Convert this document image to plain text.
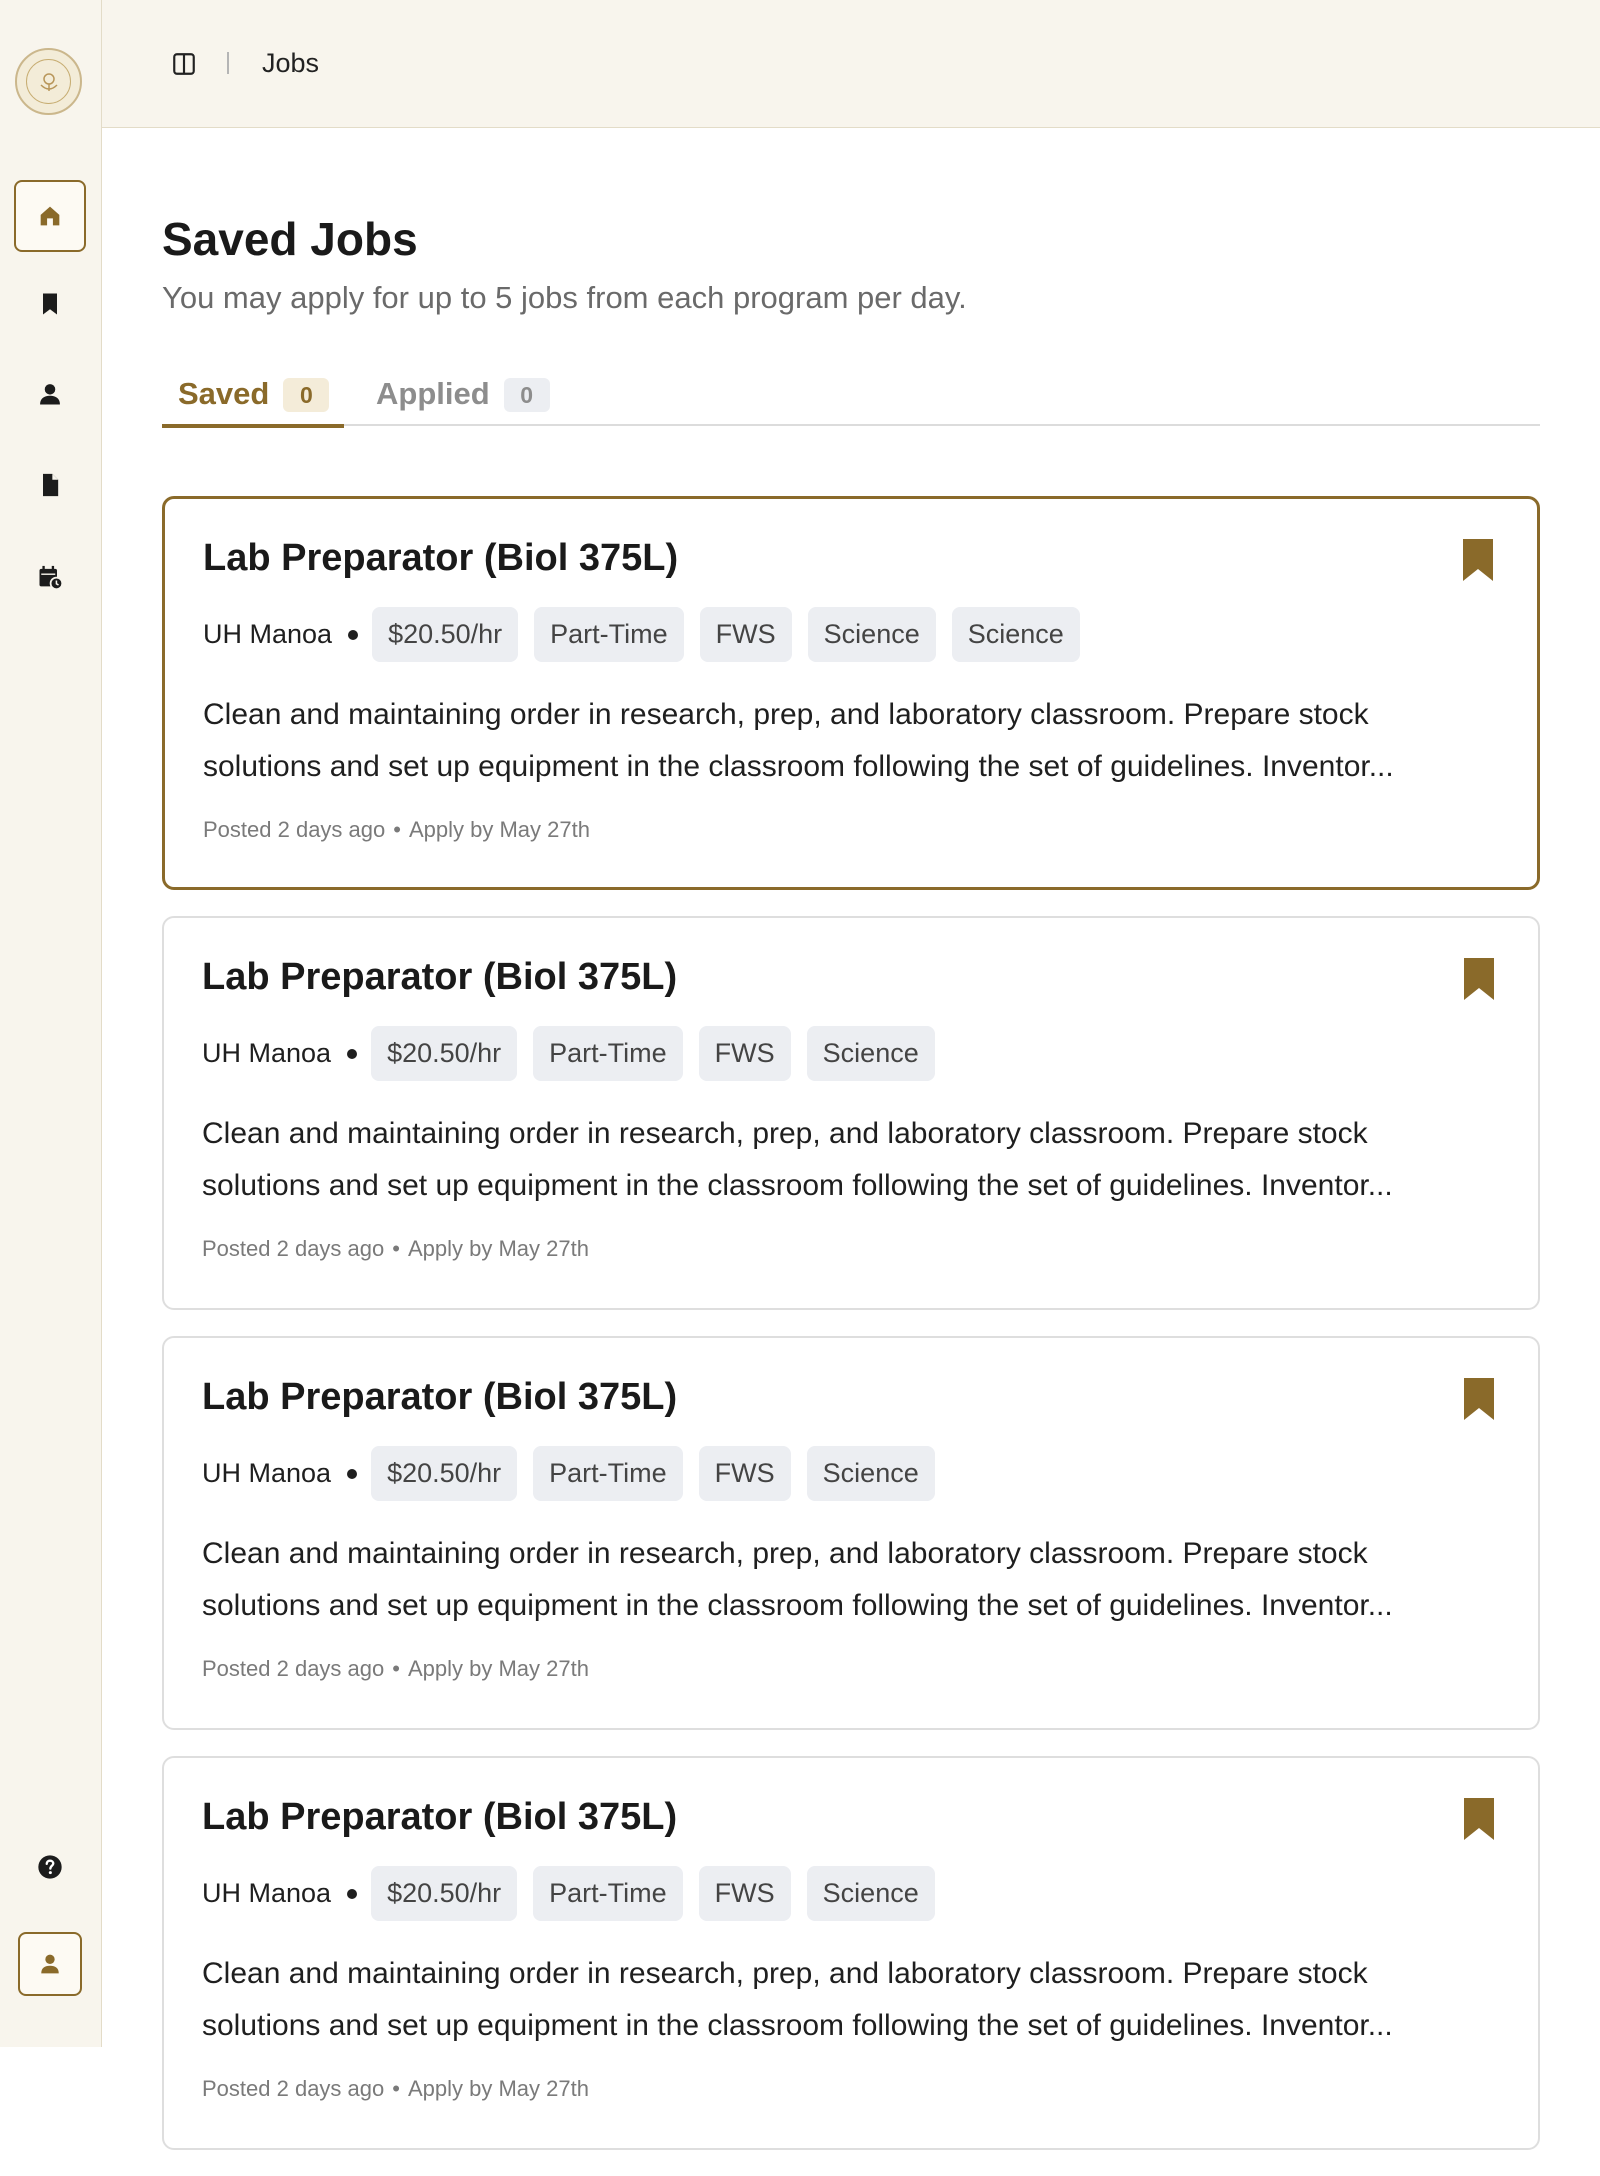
Jobs
Saved Jobs

You may apply for up to 5 jobs from each program per day.

Saved	0	Applied	0
Lab Preparator (Biol 375L)
UH Manoa	$20.50/hr	Part-Time	FWS	Science	Science
Clean and maintaining order in research, prep, and laboratory classroom. Prepare stock
solutions and set up equipment in the classroom following the set of guidelines. Inventor...
Posted 2 days ago • Apply by May 27th
Lab Preparator (Biol 375L)
UH Manoa	$20.50/hr	Part-Time	FWS	Science
Clean and maintaining order in research, prep, and laboratory classroom. Prepare stock
solutions and set up equipment in the classroom following the set of guidelines. Inventor...
Posted 2 days ago • Apply by May 27th
Lab Preparator (Biol 375L)
UH Manoa	$20.50/hr	Part-Time	FWS	Science
Clean and maintaining order in research, prep, and laboratory classroom. Prepare stock
solutions and set up equipment in the classroom following the set of guidelines. Inventor...
Posted 2 days ago • Apply by May 27th
Lab Preparator (Biol 375L)
UH Manoa	$20.50/hr	Part-Time	FWS	Science
Clean and maintaining order in research, prep, and laboratory classroom. Prepare stock
solutions and set up equipment in the classroom following the set of guidelines. Inventor...
Posted 2 days ago • Apply by May 27th
